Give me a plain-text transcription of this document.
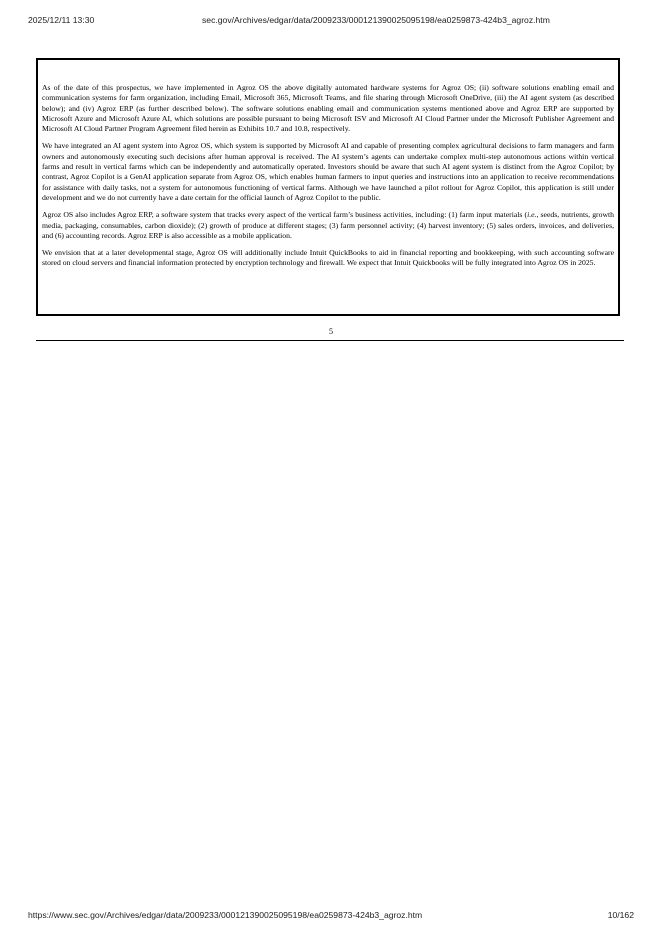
2025/12/11 13:30	sec.gov/Archives/edgar/data/2009233/000121390025095198/ea0259873-424b3_agroz.htm

As of the date of this prospectus, we have implemented in Agroz OS the above digitally automated hardware systems for Agroz OS; (ii) software solutions enabling email and communication systems for farm organization, including Email, Microsoft 365, Microsoft Teams, and file sharing through Microsoft OneDrive, (iii) the AI agent system (as described below); and (iv) Agroz ERP (as further described below). The software solutions enabling email and communication systems mentioned above and Agroz ERP are supported by Microsoft Azure and Microsoft Azure AI, which solutions are possible pursuant to being Microsoft ISV and Microsoft AI Cloud Partner under the Microsoft Publisher Agreement and Microsoft AI Cloud Partner Program Agreement filed herein as Exhibits 10.7 and 10.8, respectively.

We have integrated an AI agent system into Agroz OS, which system is supported by Microsoft AI and capable of presenting complex agricultural decisions to farm managers and farm owners and autonomously executing such decisions after human approval is received. The AI system’s agents can undertake complex multi-step autonomous actions within vertical farms and result in vertical farms which can be independently and automatically operated. Investors should be aware that such AI agent system is distinct from the Agroz Copilot; by contrast, Agroz Copilot is a GenAI application separate from Agroz OS, which enables human farmers to input queries and instructions into an application to receive recommendations for assistance with daily tasks, not a system for autonomous functioning of vertical farms. Although we have launched a pilot rollout for Agroz Copilot, this application is still under development and we do not currently have a date certain for the official launch of Agroz Copilot to the public.

Agroz OS also includes Agroz ERP, a software system that tracks every aspect of the vertical farm’s business activities, including: (1) farm input materials (i.e., seeds, nutrients, growth media, packaging, consumables, carbon dioxide); (2) growth of produce at different stages; (3) farm personnel activity; (4) harvest inventory; (5) sales orders, invoices, and deliveries, and (6) accounting records. Agroz ERP is also accessible as a mobile application.

We envision that at a later developmental stage, Agroz OS will additionally include Intuit QuickBooks to aid in financial reporting and bookkeeping, with such accounting software stored on cloud servers and financial information protected by encryption technology and firewall. We expect that Intuit Quickbooks will be fully integrated into Agroz OS in 2025.

5
https://www.sec.gov/Archives/edgar/data/2009233/000121390025095198/ea0259873-424b3_agroz.htm	10/162
